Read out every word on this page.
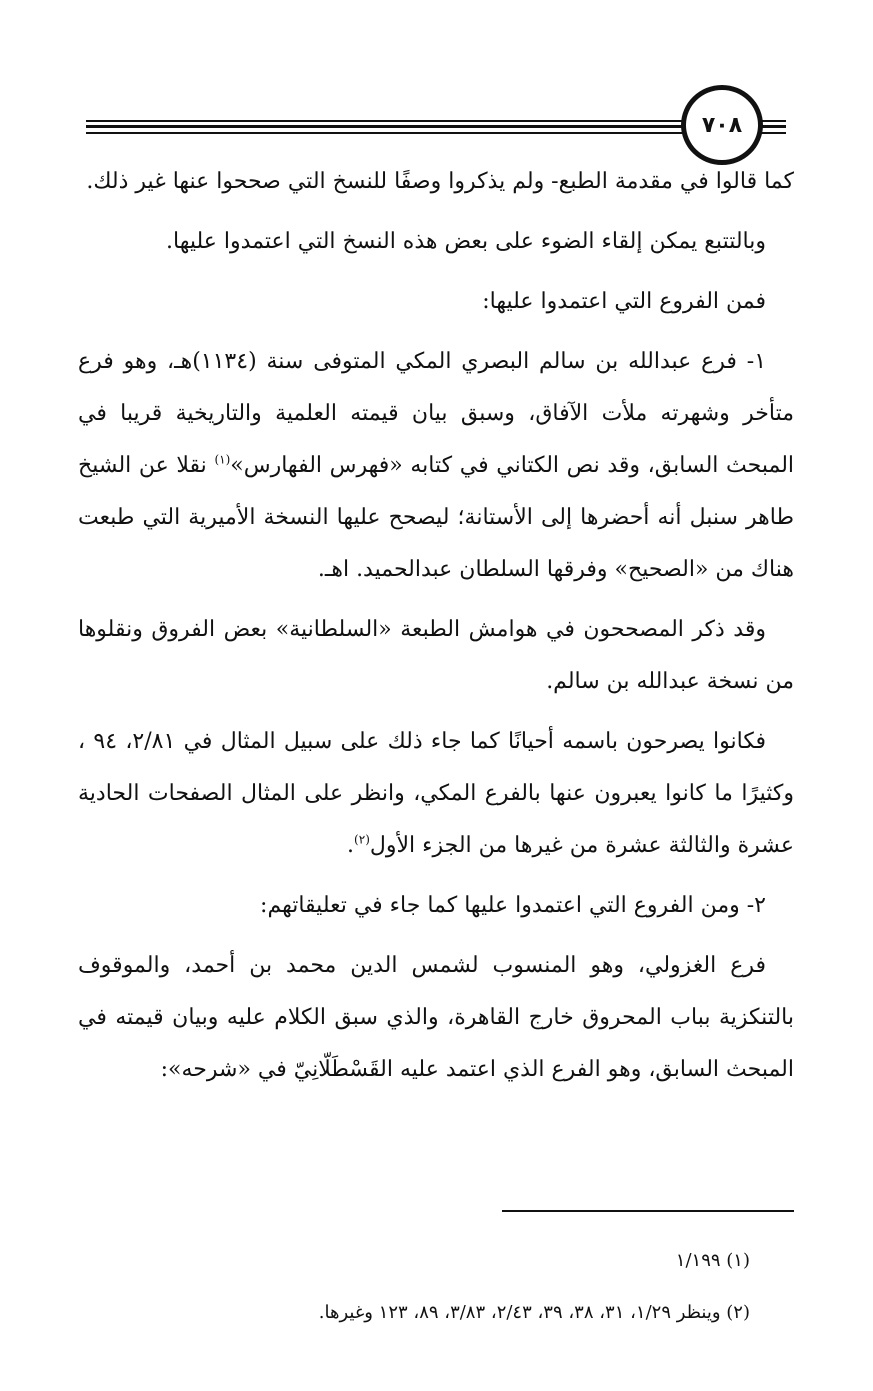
٧٠٨

كما قالوا في مقدمة الطبع- ولم يذكروا وصفًا للنسخ التي صححوا عنها غير ذلك.

وبالتتبع يمكن إلقاء الضوء على بعض هذه النسخ التي اعتمدوا عليها.

فمن الفروع التي اعتمدوا عليها:

١- فرع عبدالله بن سالم البصري المكي المتوفى سنة (١١٣٤)هـ، وهو فرع متأخر وشهرته ملأت الآفاق، وسبق بيان قيمته العلمية والتاريخية قريبا في المبحث السابق، وقد نص الكتاني في كتابه «فهرس الفهارس»$^{(١)}$ نقلا عن الشيخ طاهر سنبل أنه أحضرها إلى الأستانة؛ ليصحح عليها النسخة الأميرية التي طبعت هناك من «الصحيح» وفرقها السلطان عبدالحميد. اهـ.

وقد ذكر المصححون في هوامش الطبعة «السلطانية» بعض الفروق ونقلوها من نسخة عبدالله بن سالم.

فكانوا يصرحون باسمه أحيانًا كما جاء ذلك على سبيل المثال في ٢/٨١، ٩٤ ، وكثيرًا ما كانوا يعبرون عنها بالفرع المكي، وانظر على المثال الصفحات الحادية عشرة والثالثة عشرة من غيرها من الجزء الأول$^{(٢)}$.

٢- ومن الفروع التي اعتمدوا عليها كما جاء في تعليقاتهم:

فرع الغزولي، وهو المنسوب لشمس الدين محمد بن أحمد، والموقوف بالتنكزية بباب المحروق خارج القاهرة، والذي سبق الكلام عليه وبيان قيمته في المبحث السابق، وهو الفرع الذي اعتمد عليه القَسْطَلّانِيّ في «شرحه»:

(١) ١/١٩٩

(٢) وينظر ١/٢٩، ٣١، ٣٨، ٣٩، ٢/٤٣، ٣/٨٣، ٨٩، ١٢٣ وغيرها.
